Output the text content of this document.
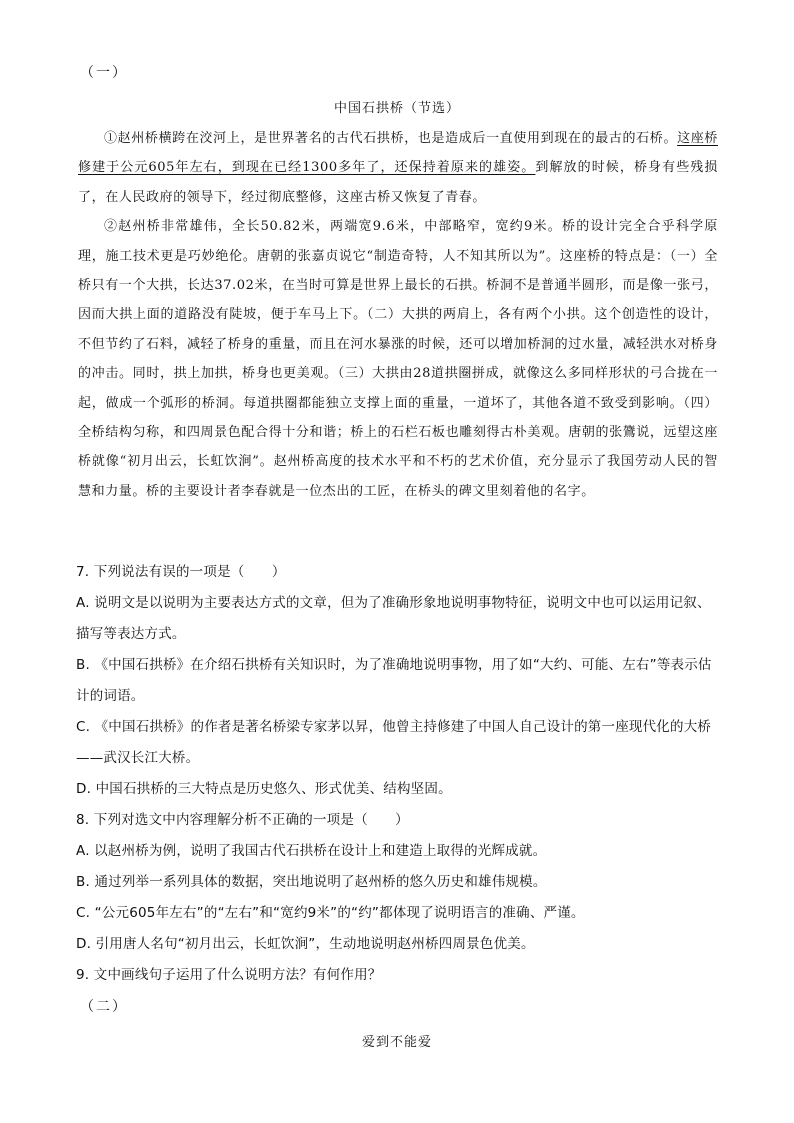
（一）
中国石拱桥（节选）

①赵州桥横跨在洨河上，是世界著名的古代石拱桥，也是造成后一直使用到现在的最古的石桥。这座桥修建于公元605年左右，到现在已经1300多年了，还保持着原来的雄姿。到解放的时候，桥身有些残损了，在人民政府的领导下，经过彻底整修，这座古桥又恢复了青春。

②赵州桥非常雄伟，全长50.82米，两端宽9.6米，中部略窄，宽约9米。桥的设计完全合乎科学原理，施工技术更是巧妙绝伦。唐朝的张嘉贞说它“制造奇特，人不知其所以为”。这座桥的特点是：（一）全桥只有一个大拱，长达37.02米，在当时可算是世界上最长的石拱。桥洞不是普通半圆形，而是像一张弓，因而大拱上面的道路没有陡坡，便于车马上下。（二）大拱的两肩上，各有两个小拱。这个创造性的设计，不但节约了石料，减轻了桥身的重量，而且在河水暴涨的时候，还可以增加桥洞的过水量，减轻洪水对桥身的冲击。同时，拱上加拱，桥身也更美观。（三）大拱由28道拱圈拼成，就像这么多同样形状的弓合拢在一起，做成一个弧形的桥洞。每道拱圈都能独立支撑上面的重量，一道坏了，其他各道不致受到影响。（四）全桥结构匀称，和四周景色配合得十分和谐；桥上的石栏石板也雕刻得古朴美观。唐朝的张鷟说，远望这座桥就像“初月出云，长虹饮涧”。赵州桥高度的技术水平和不朽的艺术价值，充分显示了我国劳动人民的智慧和力量。桥的主要设计者李春就是一位杰出的工匠，在桥头的碑文里刻着他的名字。

7. 下列说法有误的一项是（　　）
A. 说明文是以说明为主要表达方式的文章，但为了准确形象地说明事物特征，说明文中也可以运用记叙、描写等表达方式。
B. 《中国石拱桥》在介绍石拱桥有关知识时，为了准确地说明事物，用了如“大约、可能、左右”等表示估计的词语。
C. 《中国石拱桥》的作者是著名桥梁专家茅以昇，他曾主持修建了中国人自己设计的第一座现代化的大桥——武汉长江大桥。
D. 中国石拱桥的三大特点是历史悠久、形式优美、结构坚固。
8. 下列对选文中内容理解分析不正确的一项是（　　）
A. 以赵州桥为例，说明了我国古代石拱桥在设计上和建造上取得的光辉成就。
B. 通过列举一系列具体的数据，突出地说明了赵州桥的悠久历史和雄伟规模。
C. “公元605年左右”的“左右”和“宽约9米”的“约”都体现了说明语言的准确、严谨。
D. 引用唐人名句“初月出云，长虹饮涧”，生动地说明赵州桥四周景色优美。
9. 文中画线句子运用了什么说明方法？有何作用？
（二）
爱到不能爱
